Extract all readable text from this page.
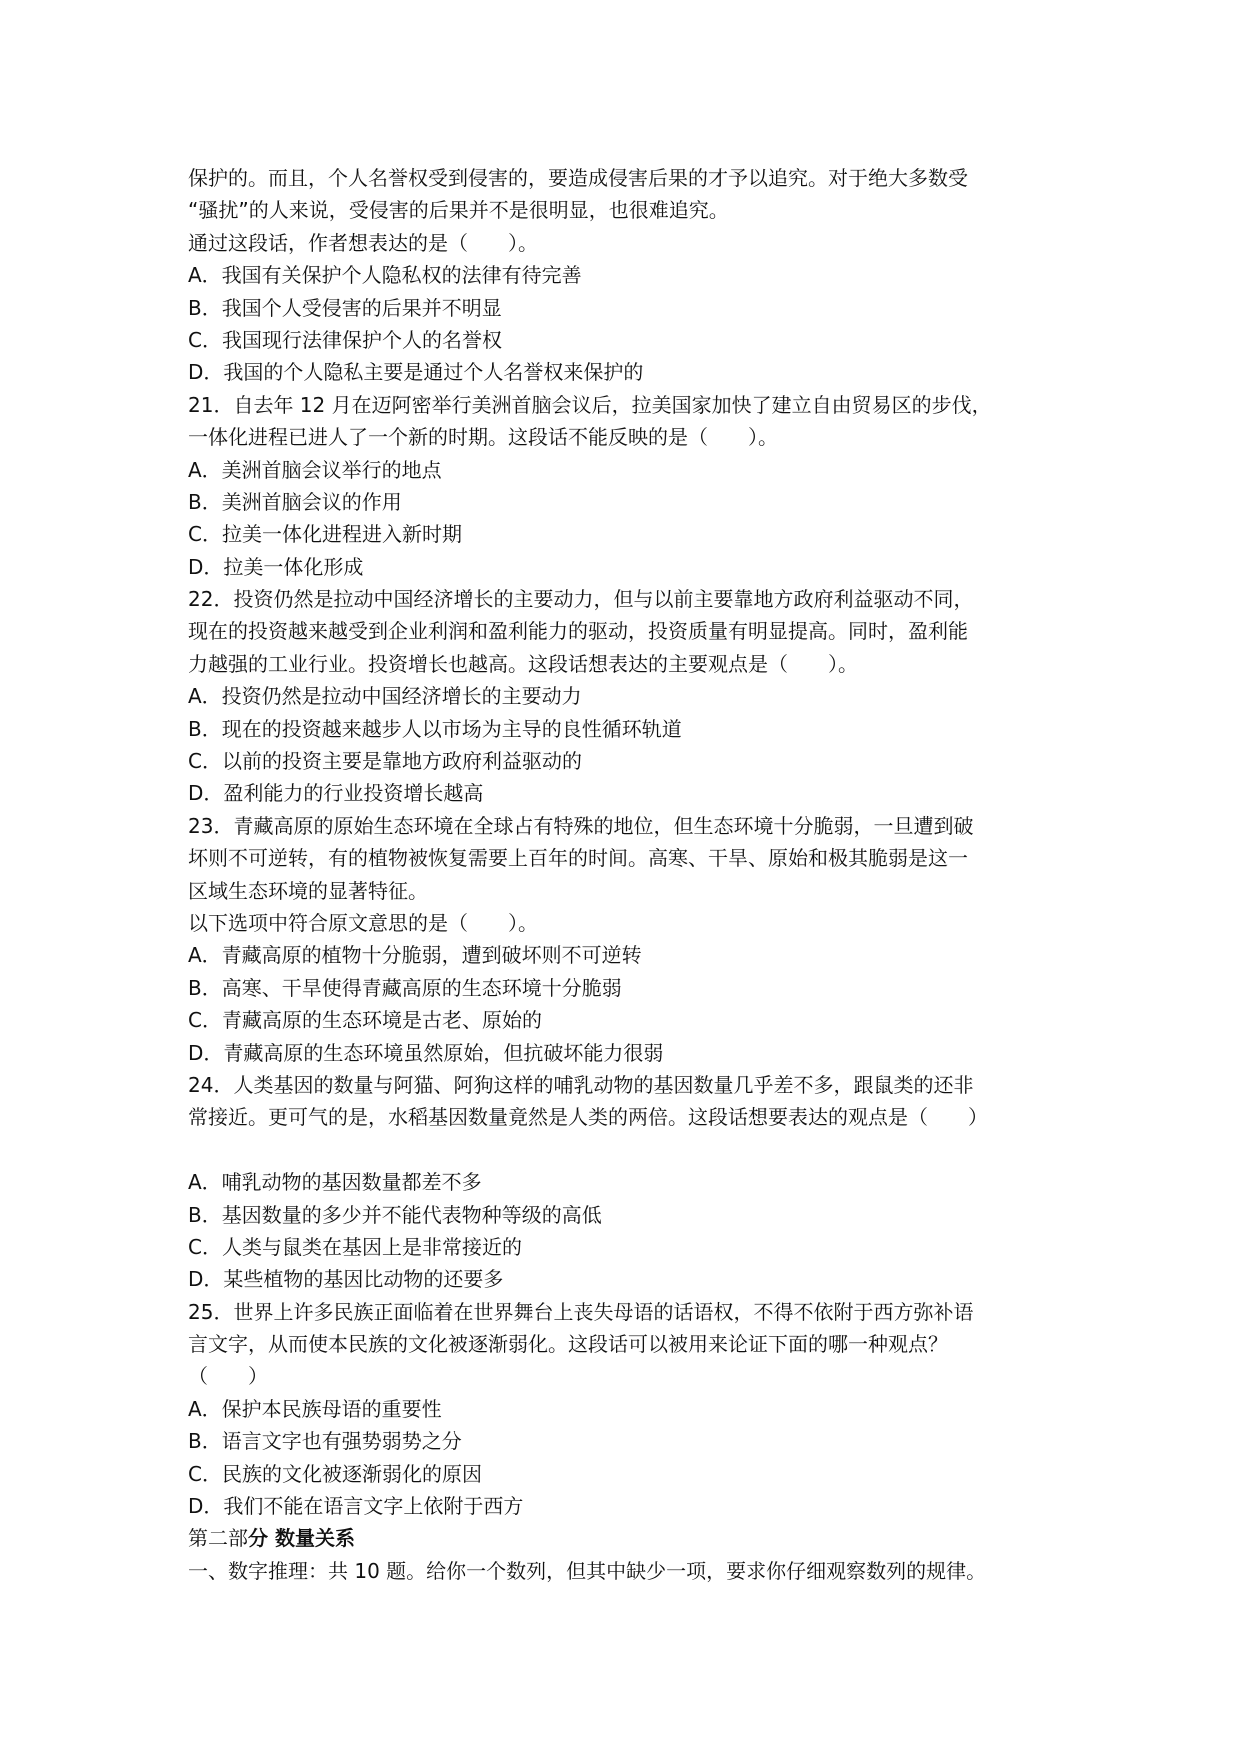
保护的。而且，个人名誉权受到侵害的，要造成侵害后果的才予以追究。对于绝大多数受
“骚扰”的人来说，受侵害的后果并不是很明显，也很难追究。
通过这段话，作者想表达的是（　　）。
A．我国有关保护个人隐私权的法律有待完善
B．我国个人受侵害的后果并不明显
C．我国现行法律保护个人的名誉权
D．我国的个人隐私主要是通过个人名誉权来保护的
21．自去年 12 月在迈阿密举行美洲首脑会议后，拉美国家加快了建立自由贸易区的步伐，
一体化进程已进人了一个新的时期。这段话不能反映的是（　　）。
A．美洲首脑会议举行的地点
B．美洲首脑会议的作用
C．拉美一体化进程进入新时期
D．拉美一体化形成
22．投资仍然是拉动中国经济增长的主要动力，但与以前主要靠地方政府利益驱动不同，
现在的投资越来越受到企业利润和盈利能力的驱动，投资质量有明显提高。同时，盈利能
力越强的工业行业。投资增长也越高。这段话想表达的主要观点是（　　）。
A．投资仍然是拉动中国经济增长的主要动力
B．现在的投资越来越步人以市场为主导的良性循环轨道
C．以前的投资主要是靠地方政府利益驱动的
D．盈利能力的行业投资增长越高
23．青藏高原的原始生态环境在全球占有特殊的地位，但生态环境十分脆弱，一旦遭到破
坏则不可逆转，有的植物被恢复需要上百年的时间。高寒、干旱、原始和极其脆弱是这一
区域生态环境的显著特征。
以下选项中符合原文意思的是（　　）。
A．青藏高原的植物十分脆弱，遭到破坏则不可逆转
B．高寒、干旱使得青藏高原的生态环境十分脆弱
C．青藏高原的生态环境是古老、原始的
D．青藏高原的生态环境虽然原始，但抗破坏能力很弱
24．人类基因的数量与阿猫、阿狗这样的哺乳动物的基因数量几乎差不多，跟鼠类的还非
常接近。更可气的是，水稻基因数量竟然是人类的两倍。这段话想要表达的观点是（　　）
A．哺乳动物的基因数量都差不多
B．基因数量的多少并不能代表物种等级的高低
C．人类与鼠类在基因上是非常接近的
D．某些植物的基因比动物的还要多
25．世界上许多民族正面临着在世界舞台上丧失母语的话语权，不得不依附于西方弥补语
言文字，从而使本民族的文化被逐渐弱化。这段话可以被用来论证下面的哪一种观点？
（　　）
A．保护本民族母语的重要性
B．语言文字也有强势弱势之分
C．民族的文化被逐渐弱化的原因
D．我们不能在语言文字上依附于西方
第二部分 数量关系
一、数字推理：共 10 题。给你一个数列，但其中缺少一项，要求你仔细观察数列的规律。
